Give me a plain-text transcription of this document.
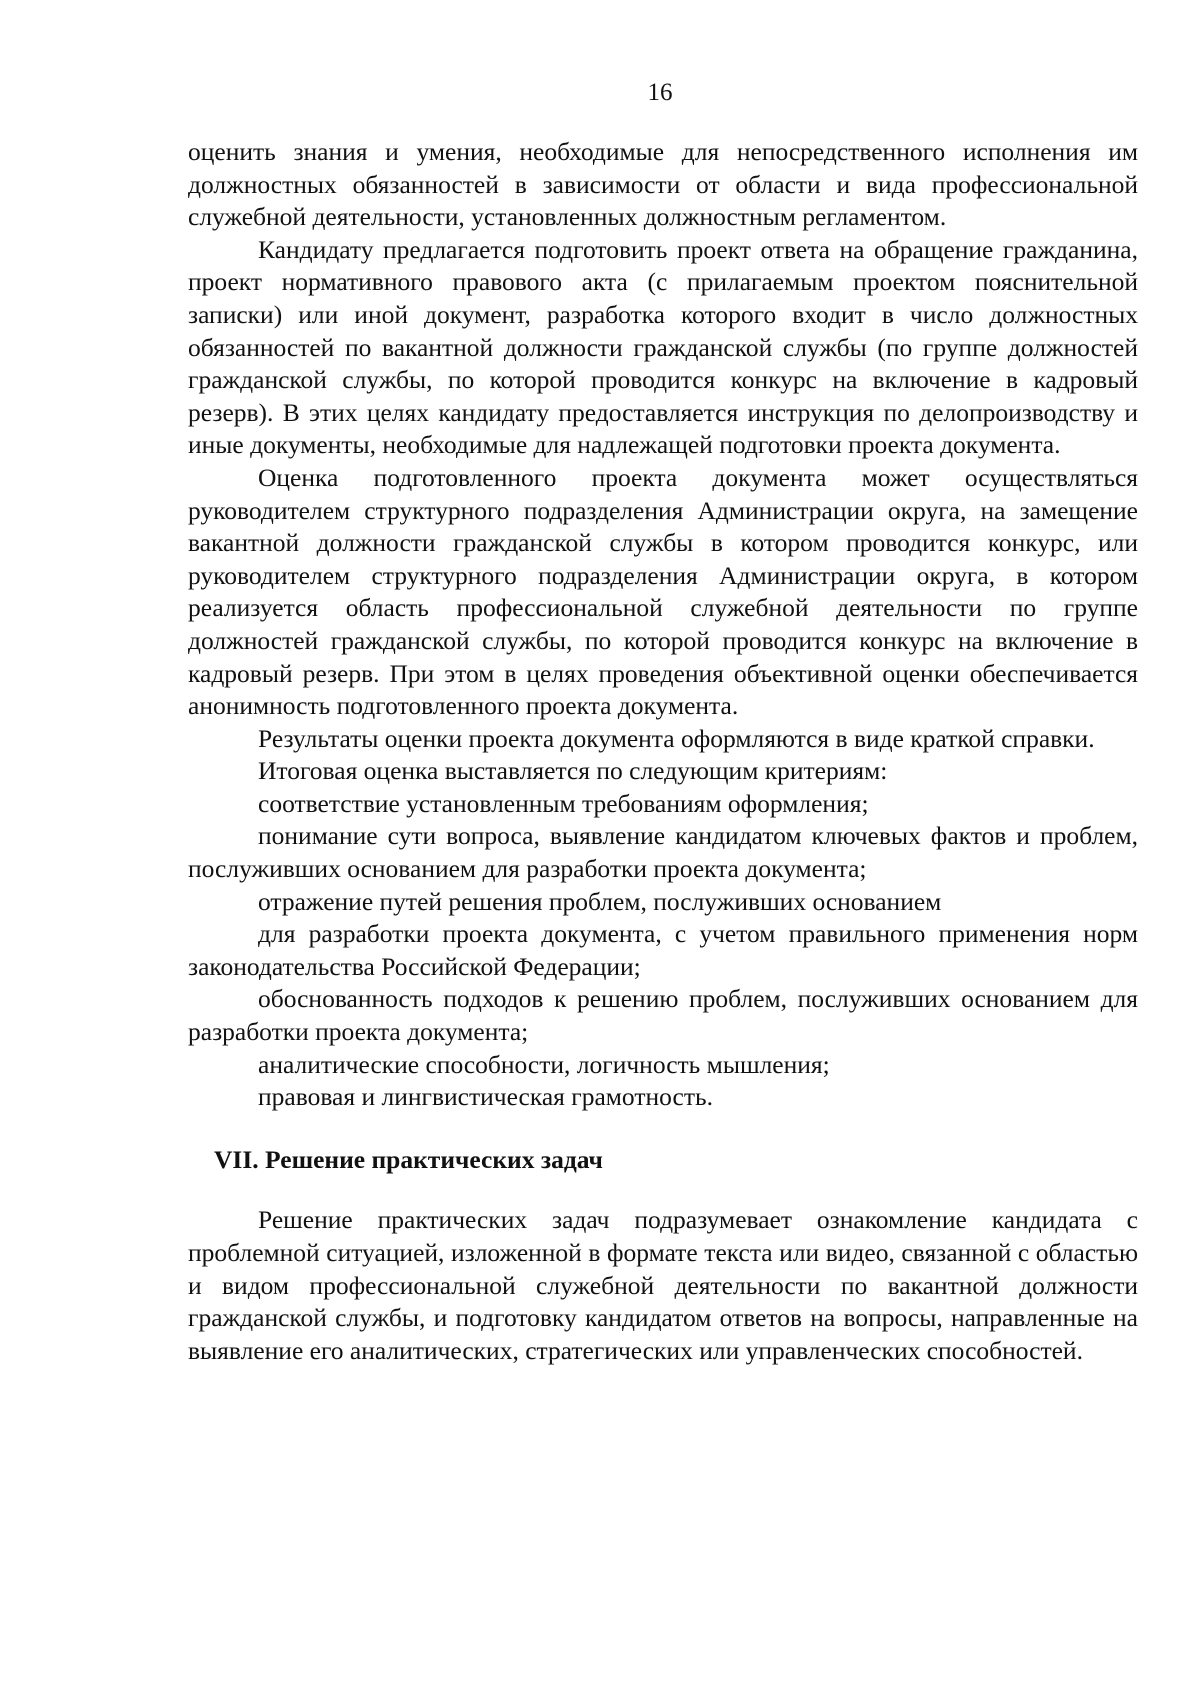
16

оценить знания и умения, необходимые для непосредственного исполнения им должностных обязанностей в зависимости от области и вида профессиональной служебной деятельности, установленных должностным регламентом.

Кандидату предлагается подготовить проект ответа на обращение гражданина, проект нормативного правового акта (с прилагаемым проектом пояснительной записки) или иной документ, разработка которого входит в число должностных обязанностей по вакантной должности гражданской службы (по группе должностей гражданской службы, по которой проводится конкурс на включение в кадровый резерв). В этих целях кандидату предоставляется инструкция по делопроизводству и иные документы, необходимые для надлежащей подготовки проекта документа.

Оценка подготовленного проекта документа может осуществляться руководителем структурного подразделения Администрации округа, на замещение вакантной должности гражданской службы в котором проводится конкурс, или руководителем структурного подразделения Администрации округа, в котором реализуется область профессиональной служебной деятельности по группе должностей гражданской службы, по которой проводится конкурс на включение в кадровый резерв. При этом в целях проведения объективной оценки обеспечивается анонимность подготовленного проекта документа.

Результаты оценки проекта документа оформляются в виде краткой справки.

Итоговая оценка выставляется по следующим критериям:

соответствие установленным требованиям оформления;

понимание сути вопроса, выявление кандидатом ключевых фактов и проблем, послуживших основанием для разработки проекта документа;

отражение путей решения проблем, послуживших основанием

для разработки проекта документа, с учетом правильного применения норм законодательства Российской Федерации;

обоснованность подходов к решению проблем, послуживших основанием для разработки проекта документа;

аналитические способности, логичность мышления;

правовая и лингвистическая грамотность.

VII. Решение практических задач

Решение практических задач подразумевает ознакомление кандидата с проблемной ситуацией, изложенной в формате текста или видео, связанной с областью и видом профессиональной служебной деятельности по вакантной должности гражданской службы, и подготовку кандидатом ответов на вопросы, направленные на выявление его аналитических, стратегических или управленческих способностей.
